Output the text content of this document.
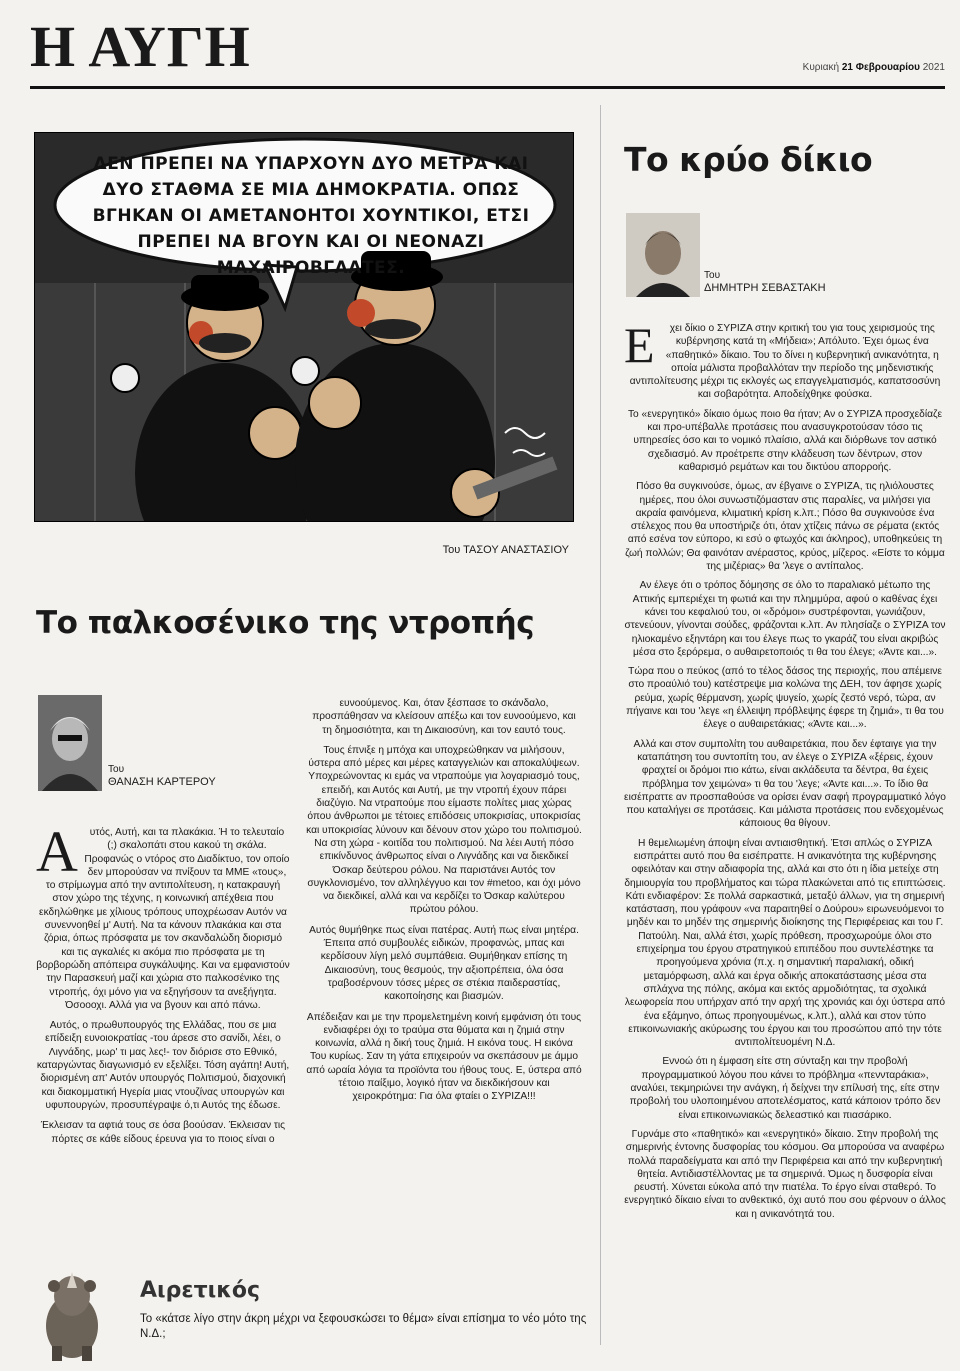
Η ΑΥΓΗ	Κυριακή 21 Φεβρουαρίου 2021
ΔΕΝ ΠΡΕΠΕΙ ΝΑ ΥΠΑΡΧΟΥΝ ΔΥΟ ΜΕΤΡΑ ΚΑΙ ΔΥΟ ΣΤΑΘΜΑ ΣΕ ΜΙΑ ΔΗΜΟΚΡΑΤΙΑ. ΟΠΩΣ ΒΓΗΚΑΝ ΟΙ ΑΜΕΤΑΝΟΗΤΟΙ ΧΟΥΝΤΙΚΟΙ, ΕΤΣΙ ΠΡΕΠΕΙ ΝΑ ΒΓΟΥΝ ΚΑΙ ΟΙ ΝΕΟΝΑΖΙ ΜΑΧΑΙΡΟΒΓΑΛΤΕΣ.
Του ΤΑΣΟΥ ΑΝΑΣΤΑΣΙΟΥ
Το κρύο δίκιο
Του
ΔΗΜΗΤΡΗ ΣΕΒΑΣΤΑΚΗ

Ε χει δίκιο ο ΣΥΡΙΖΑ στην κριτική του για τους χειρισμούς της κυβέρνησης κατά τη «Μήδεια»; Απόλυτο. Έχει όμως ένα «παθητικό» δίκαιο. Του το δίνει η κυβερνητική ανικανότητα, η οποία μάλιστα προβαλλόταν την περίοδο της μηδενιστικής αντιπολίτευσης μέχρι τις εκλογές ως επαγγελματισμός, καπατσοσύνη και σοβαρότητα. Αποδείχθηκε φούσκα.

Το «ενεργητικό» δίκαιο όμως ποιο θα ήταν; Αν ο ΣΥΡΙΖΑ προσχεδίαζε και προ-υπέβαλλε προτάσεις που ανασυγκροτούσαν τόσο τις υπηρεσίες όσο και το νομικό πλαίσιο, αλλά και διόρθωνε τον αστικό σχεδιασμό. Αν προέτρεπε στην κλάδευση των δέντρων, στον καθαρισμό ρεμάτων και του δικτύου απορροής.

Πόσο θα συγκινούσε, όμως, αν έβγαινε ο ΣΥΡΙΖΑ, τις ηλιόλουστες ημέρες, που όλοι συνωστιζόμασταν στις παραλίες, να μιλήσει για ακραία φαινόμενα, κλιματική κρίση κ.λπ.; Πόσο θα συγκινούσε ένα στέλεχος που θα υποστήριζε ότι, όταν χτίζεις πάνω σε ρέματα (εκτός από εσένα τον εύπορο, κι εσύ ο φτωχός και άκληρος), υποθηκεύεις τη ζωή πολλών; Θα φαινόταν ανέραστος, κρύος, μίζερος. «Είστε το κόμμα της μιζέριας» θα 'λεγε ο αντίπαλος.

Αν έλεγε ότι ο τρόπος δόμησης σε όλο το παραλιακό μέτωπο της Αττικής εμπεριέχει τη φωτιά και την πλημμύρα, αφού ο καθένας έχει κάνει του κεφαλιού του, οι «δρόμοι» συστρέφονται, γωνιάζουν, στενεύουν, γίνονται σούδες, φράζονται κ.λπ. Αν πλησίαζε ο ΣΥΡΙΖΑ τον ηλιοκαμένο εξηντάρη και του έλεγε πως το γκαράζ του είναι ακριβώς μέσα στο ξερόρεμα, ο αυθαιρετοποιός τι θα του έλεγε; «Άντε και...».

Τώρα που ο πεύκος (από το τέλος δάσος της περιοχής, που απέμεινε στο προαύλιό του) κατέστρεψε μια κολώνα της ΔΕΗ, τον άφησε χωρίς ρεύμα, χωρίς θέρμανση, χωρίς ψυγείο, χωρίς ζεστό νερό, τώρα, αν πήγαινε και του 'λεγε «η έλλειψη πρόβλεψης έφερε τη ζημιά», τι θα του έλεγε ο αυθαιρετάκιας; «Άντε και...».

Αλλά και στον συμπολίτη του αυθαιρετάκια, που δεν έφταιγε για την καταπάτηση του συντοπίτη του, αν έλεγε ο ΣΥΡΙΖΑ «ξέρεις, έχουν φραχτεί οι δρόμοι πιο κάτω, είναι ακλάδευτα τα δέντρα, θα έχεις πρόβλημα τον χειμώνα» τι θα του 'λεγε; «Άντε και...». Το ίδιο θα εισέπραττε αν προσπαθούσε να ορίσει έναν σαφή προγραμματικό λόγο που καταλήγει σε προτάσεις. Και μάλιστα προτάσεις που ενδεχομένως κάποιους θα θίγουν.

Η θεμελιωμένη άποψη είναι αντιαισθητική. Έτσι απλώς ο ΣΥΡΙΖΑ εισπράττει αυτό που θα εισέπραττε. Η ανικανότητα της κυβέρνησης οφειλόταν και στην αδιαφορία της, αλλά και στο ότι η ίδια μετείχε στη δημιουργία του προβλήματος και τώρα πλακώνεται από τις επιπτώσεις. Κάτι ενδιαφέρον: Σε πολλά σαρκαστικά, μεταξύ άλλων, για τη σημερινή κατάσταση, που γράφουν «να παραιτηθεί ο Δούρου» ειρωνευόμενοι το μηδέν και το μηδέν της σημερινής διοίκησης της Περιφέρειας και του Γ. Πατούλη. Ναι, αλλά έτσι, χωρίς πρόθεση, προσχωρούμε όλοι στο επιχείρημα του έργου στρατηγικού επιπέδου που συντελέστηκε τα προηγούμενα χρόνια (π.χ. η σημαντική παραλιακή, οδική μεταμόρφωση, αλλά και έργα οδικής αποκατάστασης μέσα στα σπλάχνα της πόλης, ακόμα και εκτός αρμοδιότητας, τα σχολικά λεωφορεία που υπήρχαν από την αρχή της χρονιάς και όχι ύστερα από ένα εξάμηνο, όπως προηγουμένως, κ.λπ.), αλλά και στον τύπο επικοινωνιακής ακύρωσης του έργου και του προσώπου από την τότε αντιπολίτευομένη Ν.Δ.

Εννοώ ότι η έμφαση είτε στη σύνταξη και την προβολή προγραμματικού λόγου που κάνει το πρόβλημα «πεννταράκια», αναλύει, τεκμηριώνει την ανάγκη, ή δείχνει την επίλυσή της, είτε στην προβολή του υλοποιημένου αποτελέσματος, κατά κάποιον τρόπο δεν είναι επικοινωνιακώς δελεαστικό και πιασάρικο.

Γυρνάμε στο «παθητικό» και «ενεργητικό» δίκαιο. Στην προβολή της σημερινής έντονης δυσφορίας του κόσμου. Θα μπορούσα να αναφέρω πολλά παραδείγματα και από την Περιφέρεια και από την κυβερνητική θητεία. Αντιδιαστέλλοντας με τα σημερινά. Όμως η δυσφορία είναι ρευστή. Χύνεται εύκολα από την πιατέλα. Το έργο είναι σταθερό. Το ενεργητικό δίκαιο είναι το ανθεκτικό, όχι αυτό που σου φέρνουν ο άλλος και η ανικανότητά του.

Το παλκοσένικο της ντροπής
Του
ΘΑΝΑΣΗ ΚΑΡΤΕΡΟΥ

Α υτός, Αυτή, και τα πλακάκια. Ή το τελευταίο (;) σκαλοπάτι στου κακού τη σκάλα. Προφανώς ο ντόρος στο Διαδίκτυο, τον οποίο δεν μπορούσαν να πνίξουν τα ΜΜΕ «τους», το στρίμωγμα από την αντιπολίτευση, η κατακραυγή στον χώρο της τέχνης, η κοινωνική απέχθεια που εκδηλώθηκε με χίλιους τρόπους υποχρέωσαν Αυτόν να συνεννοηθεί μ' Αυτή. Να τα κάνουν πλακάκια και στα ζόρια, όπως πρόσφατα με τον σκανδαλώδη διορισμό και τις αγκαλιές κι ακόμα πιο πρόσφατα με τη βορβορώδη απόπειρα συγκάλυψης. Και να εμφανιστούν την Παρασκευή μαζί και χώρια στο παλκοσένικο της ντροπής, όχι μόνο για να εξηγήσουν τα ανεξήγητα. Όσοοοχι. Αλλά για να βγουν και από πάνω.

Αυτός, ο πρωθυπουργός της Ελλάδας, που σε μια επίδειξη ευνοιοκρατίας -του άρεσε στο σανίδι, λέει, ο Λιγνάδης, μωρ' τι μας λες!- τον διόρισε στο Εθνικό, καταργώντας διαγωνισμό εν εξελίξει. Τόση αγάπη! Αυτή, διορισμένη απ' Αυτόν υπουργός Πολιτισμού, διαχονική και διακομματική Ηγερία μιας ντουζίνας υπουργών και υφυπουργών, προσυπέγραψε ό,τι Αυτός της έδωσε.

Έκλεισαν τα αφτιά τους σε όσα βοούσαν. Έκλεισαν τις πόρτες σε κάθε είδους έρευνα για το ποιος είναι ο

ευνοούμενος. Και, όταν ξέσπασε το σκάνδαλο, προσπάθησαν να κλείσουν απέξω και τον ευνοούμενο, και τη δημοσιότητα, και τη Δικαιοσύνη, και τον εαυτό τους.

Τους έπνιξε η μπόχα και υποχρεώθηκαν να μιλήσουν, ύστερα από μέρες και μέρες καταγγελιών και αποκαλύψεων. Υποχρεώνοντας κι εμάς να ντραπούμε για λογαριασμό τους, επειδή, και Αυτός και Αυτή, με την ντροπή έχουν πάρει διαζύγιο. Να ντραπούμε που είμαστε πολίτες μιας χώρας όπου άνθρωποι με τέτοιες επιδόσεις υποκρισίας, υποκρισίας και υποκρισίας λύνουν και δένουν στον χώρο του πολιτισμού. Να στη χώρα - κοιτίδα του πολιτισμού. Να λέει Αυτή πόσο επικίνδυνος άνθρωπος είναι ο Λιγνάδης και να διεκδικεί Όσκαρ δεύτερου ρόλου. Να παριστάνει Αυτός τον συγκλονισμένο, τον αλληλέγγυο και τον #metoo, και όχι μόνο να διεκδικεί, αλλά και να κερδίζει το Όσκαρ καλύτερου πρώτου ρόλου.

Αυτός θυμήθηκε πως είναι πατέρας. Αυτή πως είναι μητέρα. Έπειτα από συμβουλές ειδικών, προφανώς, μπας και κερδίσουν λίγη μελό συμπάθεια. Θυμήθηκαν επίσης τη Δικαιοσύνη, τους θεσμούς, την αξιοπρέπεια, όλα όσα τραβοσέρνουν τόσες μέρες σε στέκια παιδεραστίας, κακοποίησης και βιασμών.

Απέδειξαν και με την προμελετημένη κοινή εμφάνιση ότι τους ενδιαφέρει όχι το τραύμα στα θύματα και η ζημιά στην κοινωνία, αλλά η δική τους ζημιά. Η εικόνα τους. Η εικόνα Του κυρίως. Σαν τη γάτα επιχειρούν να σκεπάσουν με άμμο από ωραία λόγια τα προϊόντα του ήθους τους. Ε, ύστερα από τέτοιο παίξιμο, λογικό ήταν να διεκδικήσουν και χειροκρότημα: Για όλα φταίει ο ΣΥΡΙΖΑ!!!

Αιρετικός
Το «κάτσε λίγο στην άκρη μέχρι να ξεφουσκώσει το θέμα» είναι επίσημα το νέο μότο της Ν.Δ.;
